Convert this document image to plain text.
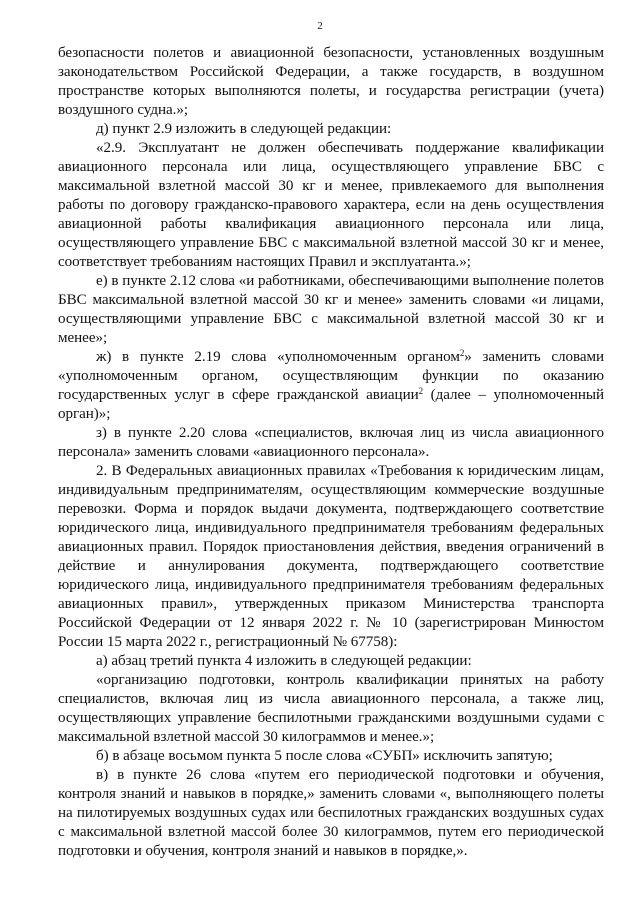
2

безопасности полетов и авиационной безопасности, установленных воздушным законодательством Российской Федерации, а также государств, в воздушном пространстве которых выполняются полеты, и государства регистрации (учета) воздушного судна.»;

д) пункт 2.9 изложить в следующей редакции:

«2.9. Эксплуатант не должен обеспечивать поддержание квалификации авиационного персонала или лица, осуществляющего управление БВС с максимальной взлетной массой 30 кг и менее, привлекаемого для выполнения работы по договору гражданско-правового характера, если на день осуществления авиационной работы квалификация авиационного персонала или лица, осуществляющего управление БВС с максимальной взлетной массой 30 кг и менее, соответствует требованиям настоящих Правил и эксплуатанта.»;

е) в пункте 2.12 слова «и работниками, обеспечивающими выполнение полетов БВС максимальной взлетной массой 30 кг и менее» заменить словами «и лицами, осуществляющими управление БВС с максимальной взлетной массой 30 кг и менее»;

ж) в пункте 2.19 слова «уполномоченным органом$^2$» заменить словами «уполномоченным органом, осуществляющим функции по оказанию государственных услуг в сфере гражданской авиации$^2$ (далее – уполномоченный орган)»;

з) в пункте 2.20 слова «специалистов, включая лиц из числа авиационного персонала» заменить словами «авиационного персонала».

2. В Федеральных авиационных правилах «Требования к юридическим лицам, индивидуальным предпринимателям, осуществляющим коммерческие воздушные перевозки. Форма и порядок выдачи документа, подтверждающего соответствие юридического лица, индивидуального предпринимателя требованиям федеральных авиационных правил. Порядок приостановления действия, введения ограничений в действие и аннулирования документа, подтверждающего соответствие юридического лица, индивидуального предпринимателя требованиям федеральных авиационных правил», утвержденных приказом Министерства транспорта Российской Федерации от 12 января 2022 г. № 10 (зарегистрирован Минюстом России 15 марта 2022 г., регистрационный № 67758):

а) абзац третий пункта 4 изложить в следующей редакции:

«организацию подготовки, контроль квалификации принятых на работу специалистов, включая лиц из числа авиационного персонала, а также лиц, осуществляющих управление беспилотными гражданскими воздушными судами с максимальной взлетной массой 30 килограммов и менее.»;

б) в абзаце восьмом пункта 5 после слова «СУБП» исключить запятую;

в) в пункте 26 слова «путем его периодической подготовки и обучения, контроля знаний и навыков в порядке,» заменить словами «, выполняющего полеты на пилотируемых воздушных судах или беспилотных гражданских воздушных судах с максимальной взлетной массой более 30 килограммов, путем его периодической подготовки и обучения, контроля знаний и навыков в порядке,».
